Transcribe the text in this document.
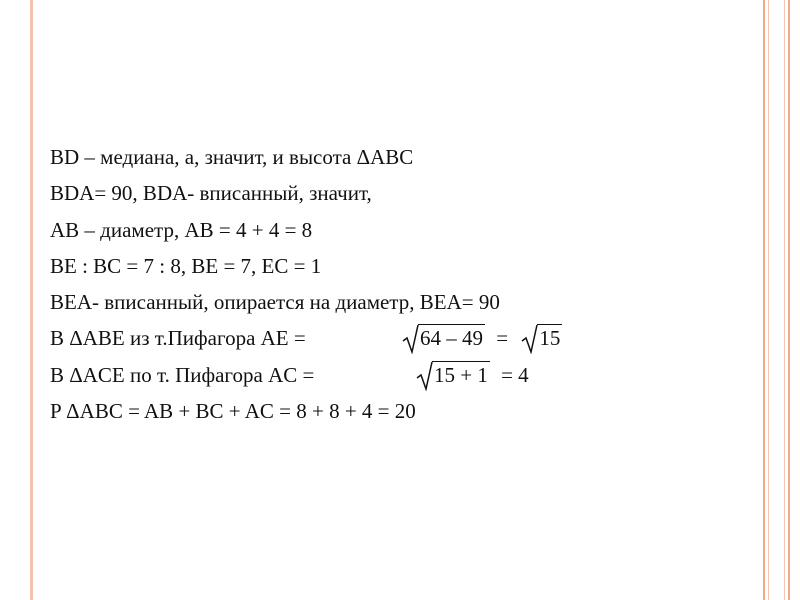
BD – медиана, а, значит, и высота ΔABC
BDA= 90, BDA- вписанный, значит,
AB – диаметр, AB = 4 + 4 = 8
BE : BC = 7 : 8, BE = 7, EC = 1
BEA- вписанный, опирается на диаметр, BEA= 90
В ΔABE из т.Пифагора AE =	64 – 49 = 15
В ΔACE по т. Пифагора AC =	15 + 1 = 4
P ΔABC = AB + BC + AC = 8 + 8 + 4 = 20
